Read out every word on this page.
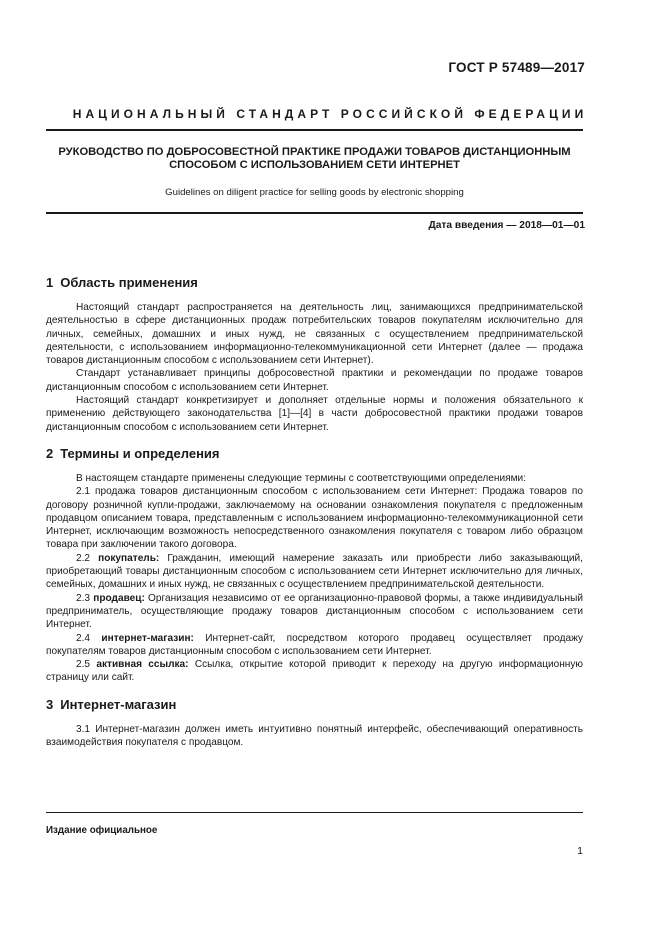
ГОСТ Р 57489—2017
НАЦИОНАЛЬНЫЙ СТАНДАРТ РОССИЙСКОЙ ФЕДЕРАЦИИ
РУКОВОДСТВО ПО ДОБРОСОВЕСТНОЙ ПРАКТИКЕ ПРОДАЖИ ТОВАРОВ ДИСТАНЦИОННЫМ
СПОСОБОМ С ИСПОЛЬЗОВАНИЕМ СЕТИ ИНТЕРНЕТ
Guidelines on diligent practice for selling goods by electronic shopping
Дата введения — 2018—01—01
1 Область применения

Настоящий стандарт распространяется на деятельность лиц, занимающихся предпринимательской деятельностью в сфере дистанционных продаж потребительских товаров покупателям исключительно для личных, семейных, домашних и иных нужд, не связанных с осуществлением предпринимательской деятельности, с использованием информационно-телекоммуникационной сети Интернет (далее — продажа товаров дистанционным способом с использованием сети Интернет).

Стандарт устанавливает принципы добросовестной практики и рекомендации по продаже товаров дистанционным способом с использованием сети Интернет.

Настоящий стандарт конкретизирует и дополняет отдельные нормы и положения обязательного к применению действующего законодательства [1]—[4] в части добросовестной практики продажи товаров дистанционным способом с использованием сети Интернет.

2 Термины и определения

В настоящем стандарте применены следующие термины с соответствующими определениями:

2.1 продажа товаров дистанционным способом с использованием сети Интернет: Продажа товаров по договору розничной купли-продажи, заключаемому на основании ознакомления покупателя с предложенным продавцом описанием товара, представленным с использованием информационно-телекоммуникационной сети Интернет, исключающим возможность непосредственного ознакомления покупателя с товаром либо образцом товара при заключении такого договора.

2.2 покупатель: Гражданин, имеющий намерение заказать или приобрести либо заказывающий, приобретающий товары дистанционным способом с использованием сети Интернет исключительно для личных, семейных, домашних и иных нужд, не связанных с осуществлением предпринимательской деятельности.

2.3 продавец: Организация независимо от ее организационно-правовой формы, а также индивидуальный предприниматель, осуществляющие продажу товаров дистанционным способом с использованием сети Интернет.

2.4 интернет-магазин: Интернет-сайт, посредством которого продавец осуществляет продажу покупателям товаров дистанционным способом с использованием сети Интернет.

2.5 активная ссылка: Ссылка, открытие которой приводит к переходу на другую информационную страницу или сайт.

3 Интернет-магазин

3.1 Интернет-магазин должен иметь интуитивно понятный интерфейс, обеспечивающий оперативность взаимодействия покупателя с продавцом.

Издание официальное
1
